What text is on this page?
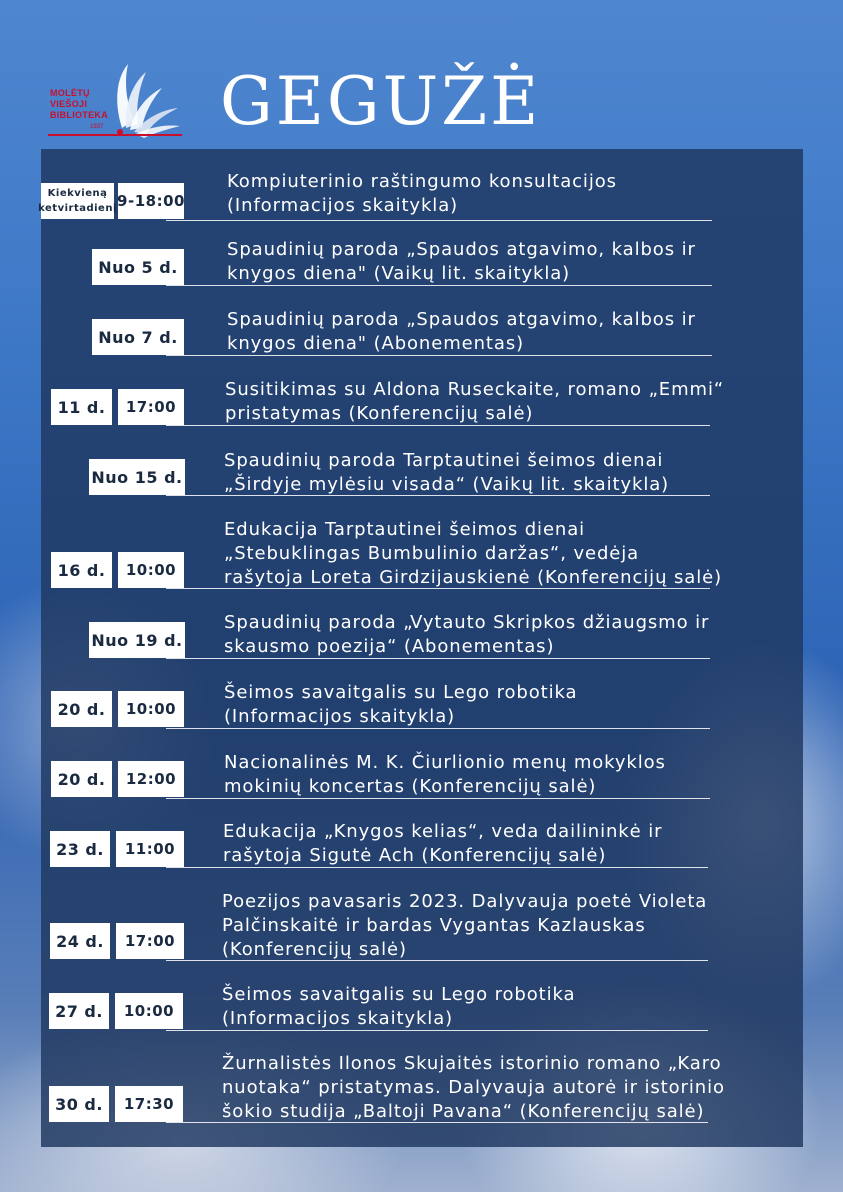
MOLĖTŲ
VIEŠOJI
BIBLIOTEKA
1937 GEGUŽĖ
Kiekvieną ketvirtadienį 9-18:00
Kompiuterinio raštingumo konsultacijos
(Informacijos skaitykla)
Nuo 5 d.
Spaudinių paroda „Spaudos atgavimo, kalbos ir
knygos diena" (Vaikų lit. skaitykla)
Nuo 7 d.
Spaudinių paroda „Spaudos atgavimo, kalbos ir
knygos diena" (Abonementas)
11 d.	17:00
Susitikimas su Aldona Ruseckaite, romano „Emmi“
pristatymas (Konferencijų salė)
Nuo 15 d.
Spaudinių paroda Tarptautinei šeimos dienai
„Širdyje mylėsiu visada“ (Vaikų lit. skaitykla)
16 d.	10:00
Edukacija Tarptautinei šeimos dienai
„Stebuklingas Bumbulinio daržas“, vedėja
rašytoja Loreta Girdzijauskienė (Konferencijų salė)
Nuo 19 d.
Spaudinių paroda „Vytauto Skripkos džiaugsmo ir
skausmo poezija“ (Abonementas)
20 d.	10:00
Šeimos savaitgalis su Lego robotika
(Informacijos skaitykla)
20 d.	12:00
Nacionalinės M. K. Čiurlionio menų mokyklos
mokinių koncertas (Konferencijų salė)
23 d.	11:00
Edukacija „Knygos kelias“, veda dailininkė ir
rašytoja Sigutė Ach (Konferencijų salė)
24 d.	17:00
Poezijos pavasaris 2023. Dalyvauja poetė Violeta
Palčinskaitė ir bardas Vygantas Kazlauskas
(Konferencijų salė)
27 d.	10:00
Šeimos savaitgalis su Lego robotika
(Informacijos skaitykla)
30 d.	17:30
Žurnalistės Ilonos Skujaitės istorinio romano „Karo
nuotaka“ pristatymas. Dalyvauja autorė ir istorinio
šokio studija „Baltoji Pavana“ (Konferencijų salė)
